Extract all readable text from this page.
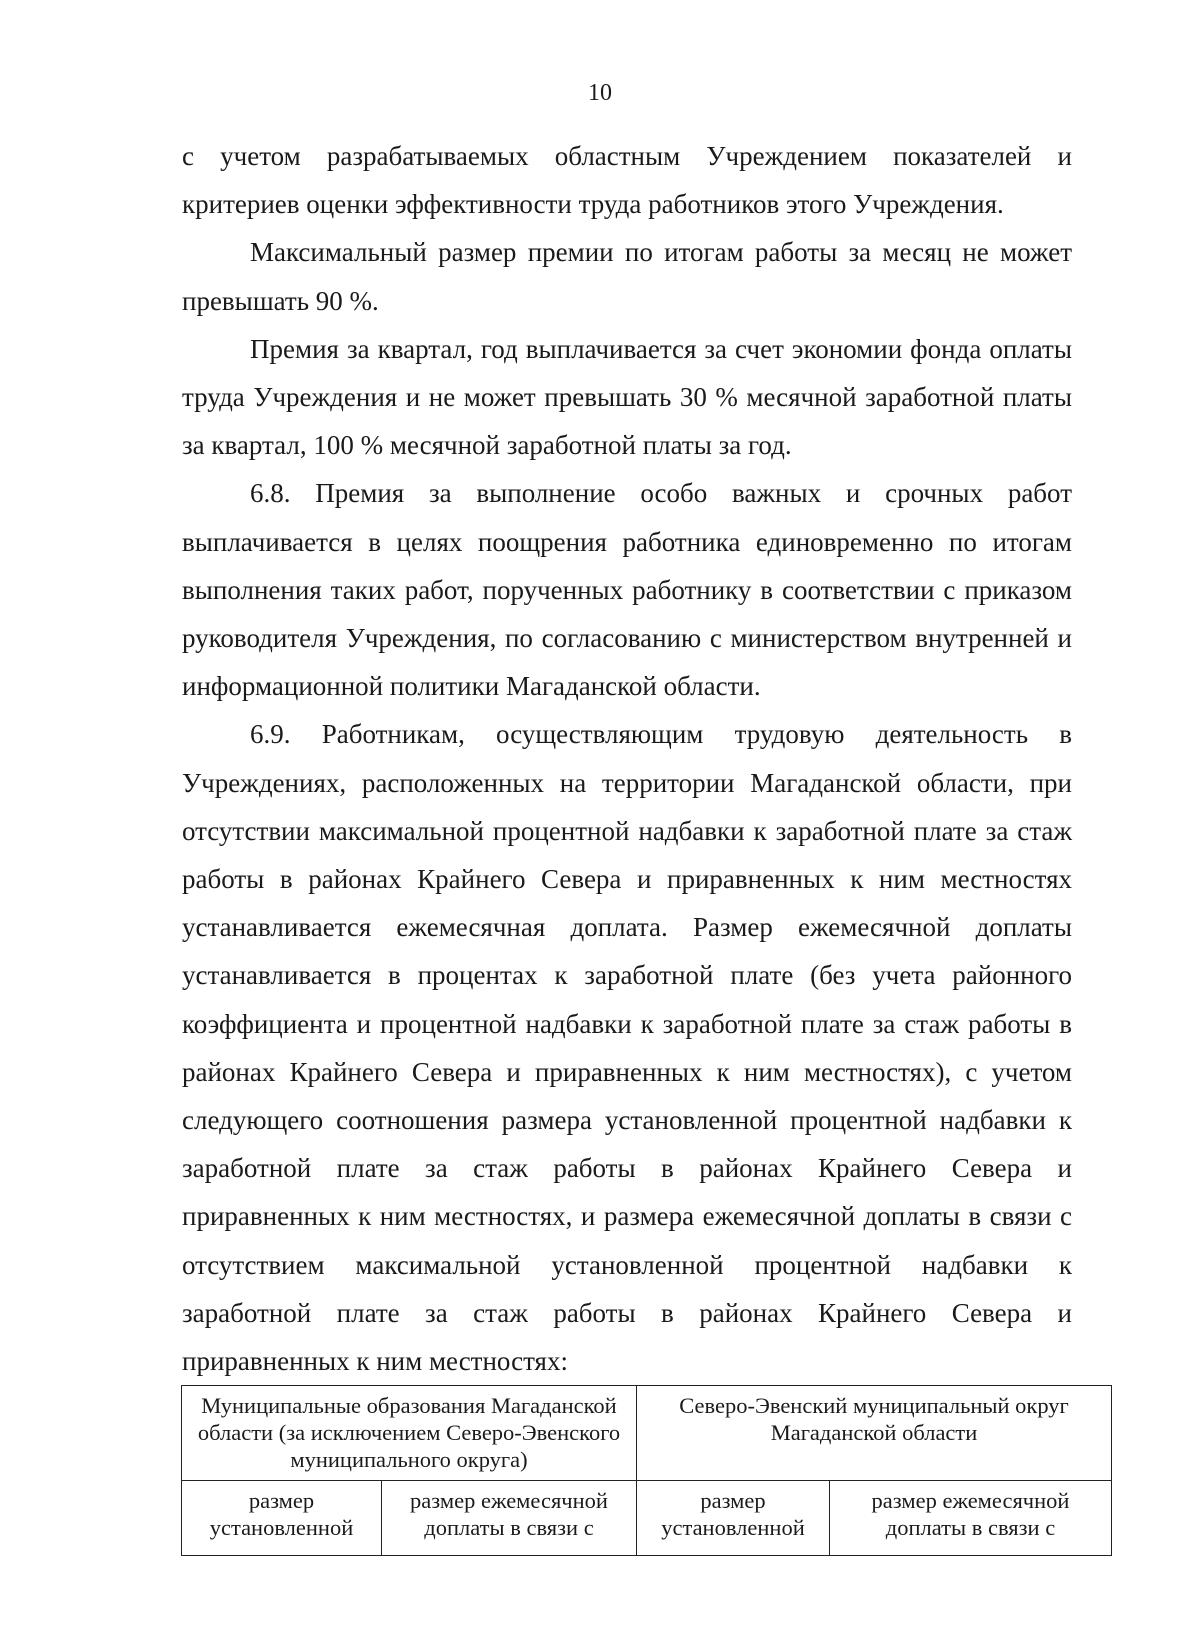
10

с учетом разрабатываемых областным Учреждением показателей и критериев оценки эффективности труда работников этого Учреждения.

Максимальный размер премии по итогам работы за месяц не может превышать 90 %.

Премия за квартал, год выплачивается за счет экономии фонда оплаты труда Учреждения и не может превышать 30 % месячной заработной платы за квартал, 100 % месячной заработной платы за год.

6.8. Премия за выполнение особо важных и срочных работ выплачивается в целях поощрения работника единовременно по итогам выполнения таких работ, порученных работнику в соответствии с приказом руководителя Учреждения, по согласованию с министерством внутренней и информационной политики Магаданской области.

6.9. Работникам, осуществляющим трудовую деятельность в Учреждениях, расположенных на территории Магаданской области, при отсутствии максимальной процентной надбавки к заработной плате за стаж работы в районах Крайнего Севера и приравненных к ним местностях устанавливается ежемесячная доплата. Размер ежемесячной доплаты устанавливается в процентах к заработной плате (без учета районного коэффициента и процентной надбавки к заработной плате за стаж работы в районах Крайнего Севера и приравненных к ним местностях), с учетом следующего соотношения размера установленной процентной надбавки к заработной плате за стаж работы в районах Крайнего Севера и приравненных к ним местностях, и размера ежемесячной доплаты в связи с отсутствием максимальной установленной процентной надбавки к заработной плате за стаж работы в районах Крайнего Севера и приравненных к ним местностях:

Муниципальные образования Магаданской области (за исключением Северо-Эвенского муниципального округа)		Северо-Эвенский муниципальный округ Магаданской области	
размер установленной	размер ежемесячной доплаты в связи с	размер установленной	размер ежемесячной доплаты в связи с
